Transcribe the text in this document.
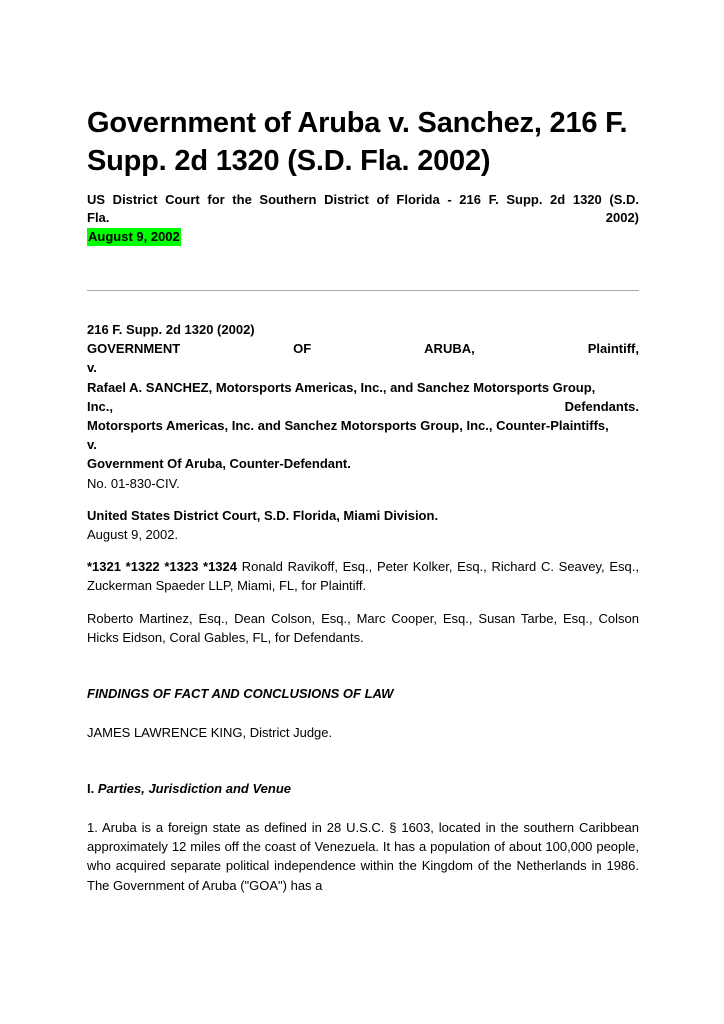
Government of Aruba v. Sanchez, 216 F. Supp. 2d 1320 (S.D. Fla. 2002)
US District Court for the Southern District of Florida - 216 F. Supp. 2d 1320 (S.D.
Fla.	2002)
August 9, 2002
216 F. Supp. 2d 1320 (2002)
GOVERNMENT	OF	ARUBA,	Plaintiff,
v.
Rafael A. SANCHEZ, Motorsports Americas, Inc., and Sanchez Motorsports Group,
Inc.,	Defendants.
Motorsports Americas, Inc. and Sanchez Motorsports Group, Inc., Counter-Plaintiffs,
v.
Government Of Aruba, Counter-Defendant.
No. 01-830-CIV.
United States District Court, S.D. Florida, Miami Division.
August 9, 2002.
*1321 *1322 *1323 *1324 Ronald Ravikoff, Esq., Peter Kolker, Esq., Richard C. Seavey, Esq., Zuckerman Spaeder LLP, Miami, FL, for Plaintiff.
Roberto Martinez, Esq., Dean Colson, Esq., Marc Cooper, Esq., Susan Tarbe, Esq., Colson Hicks Eidson, Coral Gables, FL, for Defendants.
FINDINGS OF FACT AND CONCLUSIONS OF LAW
JAMES LAWRENCE KING, District Judge.
I. Parties, Jurisdiction and Venue
1. Aruba is a foreign state as defined in 28 U.S.C. § 1603, located in the southern Caribbean approximately 12 miles off the coast of Venezuela. It has a population of about 100,000 people, who acquired separate political independence within the Kingdom of the Netherlands in 1986. The Government of Aruba ("GOA") has a
